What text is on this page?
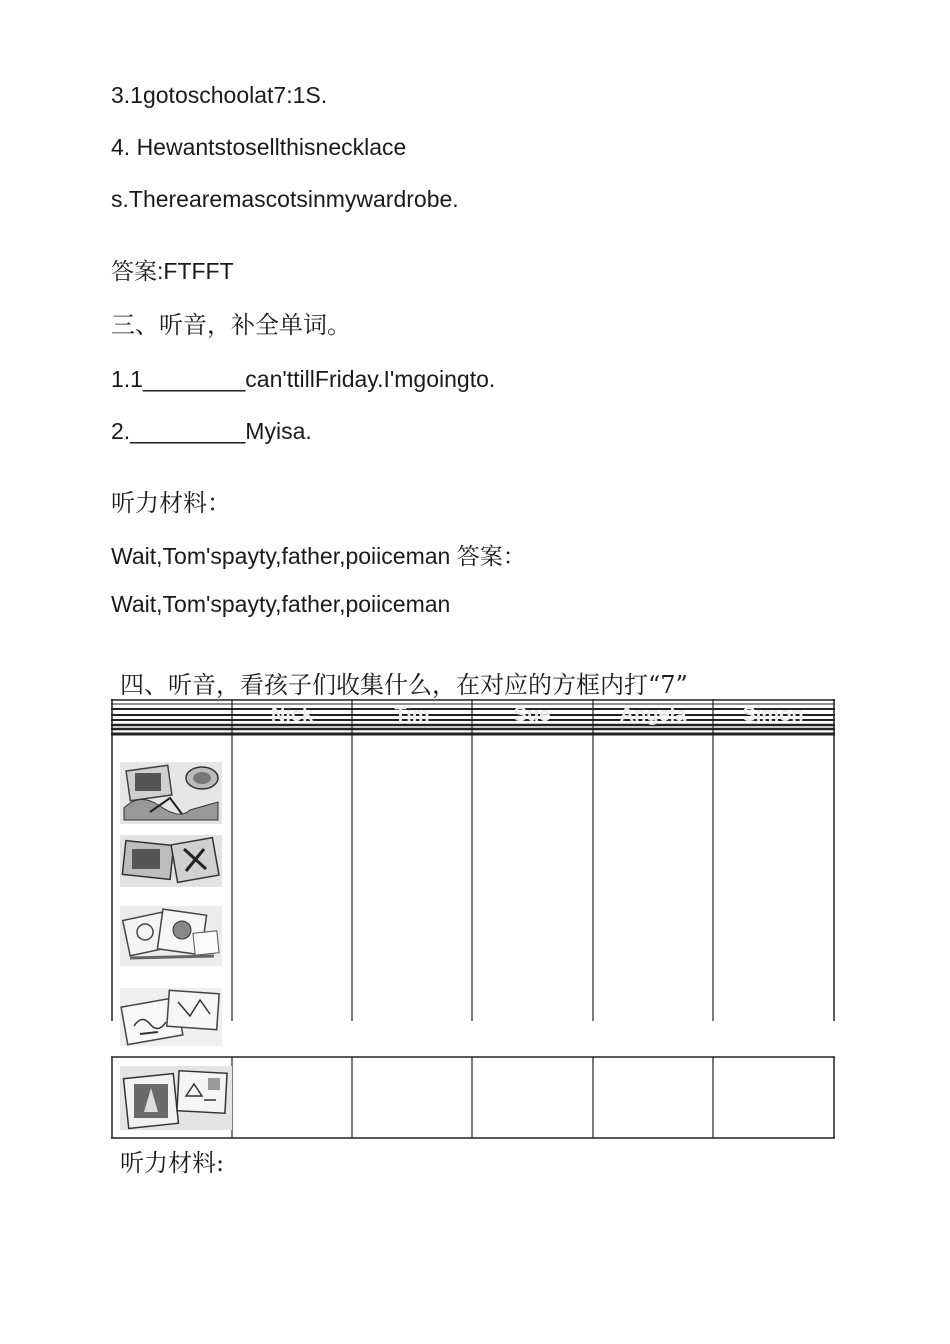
3.1gotoschoolat7:1S.
4. Hewantstosellthisnecklace
s.Therearemascotsinmywardrobe.
答案:FTFFT
三、听音，补全单词。
1.1________can'ttillFriday.I'mgoingto.
2._________Myisa.
听力材料：
Wait,Tom'spayty,father,poiiceman 答案：
Wait,Tom'spayty,father,poiiceman
四、听音，看孩子们收集什么，在对应的方框内打“7”
Nick	Tim	Sue	Angela	Simon
听力材料:
